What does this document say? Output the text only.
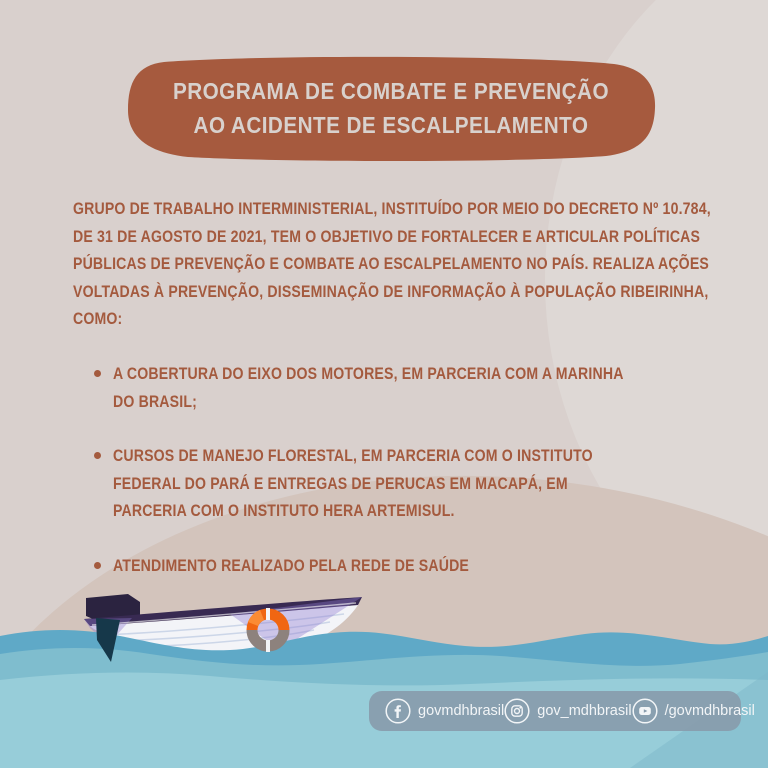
PROGRAMA DE COMBATE E PREVENÇÃO
AO ACIDENTE DE ESCALPELAMENTO

GRUPO DE TRABALHO INTERMINISTERIAL, INSTITUÍDO POR MEIO DO DECRETO Nº 10.784, DE 31 DE AGOSTO DE 2021, TEM O OBJETIVO DE FORTALECER E ARTICULAR POLÍTICAS PÚBLICAS DE PREVENÇÃO E COMBATE AO ESCALPELAMENTO NO PAÍS. REALIZA AÇÕES VOLTADAS À PREVENÇÃO, DISSEMINAÇÃO DE INFORMAÇÃO À POPULAÇÃO RIBEIRINHA, COMO:

A COBERTURA DO EIXO DOS MOTORES, EM PARCERIA COM A MARINHA DO BRASIL;
CURSOS DE MANEJO FLORESTAL, EM PARCERIA COM O INSTITUTO FEDERAL DO PARÁ E ENTREGAS DE PERUCAS EM MACAPÁ, EM PARCERIA COM O INSTITUTO HERA ARTEMISUL.
ATENDIMENTO REALIZADO PELA REDE DE SAÚDE
govmdhbrasil gov_mdhbrasil /govmdhbrasil
